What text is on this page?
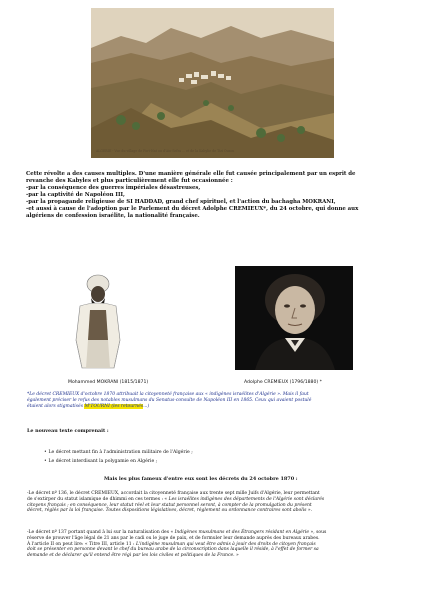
ALGERIE - Vue du village de Fort-Nat ou d'Ain-Sefra ... et de la Kabylie de Tizi Ouzou

Cette révolte a des causes multiples. D'une manière générale elle fut causée principalement par un esprit de

revanche des Kabyles et plus particulièrement elle fut occasionnée :

-par la conséquence des guerres impériales désastreuses,

-par la captivité de Napoléon III,

-par la propagande religieuse de SI HADDAD, grand chef spirituel, et l'action du bachagha MOKRANI,

-et aussi à cause de l'adoption par le Parlement du décret Adolphe CREMIEUX*, du 24 octobre, qui donne aux

algériens de confession israélite, la nationalité française.

Mohammed MOKRANI (1815/1871)	Adolphe CREMIEUX (1796/1880) *
*Le décret CREMIEUX d'octobre 1870 attribuait la citoyenneté française aux « indigènes israélites d'Algérie ». Mais il faut
également préciser le refus des notables musulmans du Senatus-consulte de Napoléon III en 1865. Ceux qui avaient postulé
étaient alors stigmatisés M'TOURNI (les retournés...)
Le nouveau texte comprenait :
• Le décret mettant fin à l'administration militaire de l'Algérie ;
• Le décret interdisant la polygamie en Algérie ;
Mais les plus fameux d'entre eux sont les décrets du 24 octobre 1870 :
-Le décret nº 136, le décret CREMIEUX, accordait la citoyenneté française aux trente sept mille Juifs d'Algérie, leur permettant
de s'extirper du statut islamique de dhimmi en ces termes : « Les israélites indigènes des départements de l'Algérie sont déclarés
citoyens français ; en conséquence, leur statut réel et leur statut personnel seront, à compter de la promulgation du présent
décret, réglés par la loi française. Toutes dispositions législatives, décret, règlement ou ordonnance contraires sont abolis ».
-Le décret nº 137 portant quand à lui sur la naturalisation des « Indigènes musulmans et des Étrangers résidant en Algérie », sous
réserve de prouver l'âge légal de 21 ans par le cadi ou le juge de paix, et de formuler leur demande auprès des bureaux arabes.
À l'article II on peut lire: « Titre III, article 11 : L'indigène musulman qui veut être admis à jouir des droits de citoyen français
doit se présenter en personne devant le chef du bureau arabe de la circonscription dans laquelle il réside, à l'effet de former sa
demande et de déclarer qu'il entend être régi par les lois civiles et politiques de la France. »
